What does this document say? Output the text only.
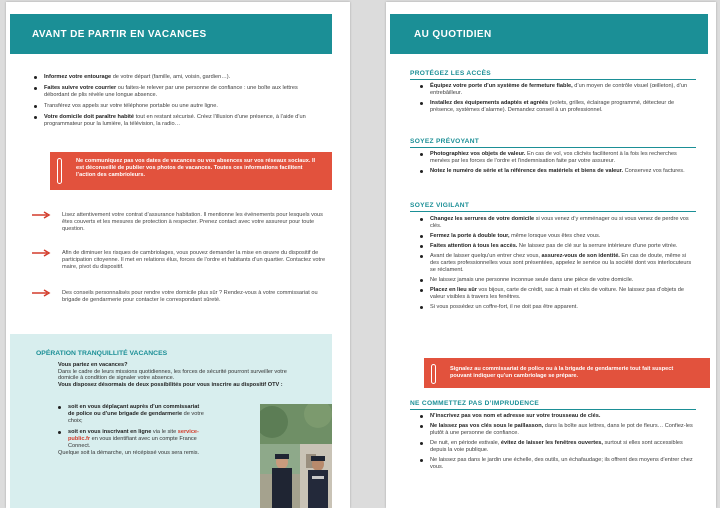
AVANT DE PARTIR EN VACANCES
Informez votre entourage de votre départ (famille, ami, voisin, gardien…).
Faites suivre votre courrier ou faites-le relever par une personne de confiance : une boîte aux lettres débordant de plis révèle une longue absence.
Transférez vos appels sur votre téléphone portable ou une autre ligne.
Votre domicile doit paraître habité tout en restant sécurisé. Créez l’illusion d’une présence, à l’aide d’un programmateur pour la lumière, la télévision, la radio…

Ne communiquez pas vos dates de vacances ou vos absences sur vos réseaux sociaux. Il est déconseillé de publier vos photos de vacances. Toutes ces informations facilitent l’action des cambrioleurs.

Lisez attentivement votre contrat d’assurance habitation. Il mentionne les événements pour lesquels vous êtes couverts et les mesures de protection à respecter. Prenez contact avec votre assureur pour toute question.

Afin de diminuer les risques de cambriolages, vous pouvez demander la mise en œuvre du dispositif de participation citoyenne. Il met en relations élus, forces de l’ordre et habitants d’un quartier. Contactez votre maire, pivot du dispositif.

Des conseils personnalisés pour rendre votre domicile plus sûr ? Rendez-vous à votre commissariat ou brigade de gendarmerie pour contacter le correspondant sûreté.

OPÉRATION TRANQUILLITÉ VACANCES
Vous partez en vacances?
Dans le cadre de leurs missions quotidiennes, les forces de sécurité pourront surveiller votre domicile à condition de signaler votre absence.
Vous disposez désormais de deux possibilités pour vous inscrire au dispositif OTV :
soit en vous déplaçant auprès d’un commissariat de police ou d’une brigade de gendarmerie de votre choix;
soit en vous inscrivant en ligne via le site service-public.fr en vous identifiant avec un compte France Connect.
Quelque soit la démarche, un récépissé vous sera remis.
AU QUOTIDIEN
PROTÉGEZ LES ACCÈS
Équipez votre porte d’un système de fermeture fiable, d’un moyen de contrôle visuel (œilleton), d’un entrebâilleur.
Installez des équipements adaptés et agréés (volets, grilles, éclairage programmé, détecteur de présence, systèmes d’alarme). Demandez conseil à un professionnel.
SOYEZ PRÉVOYANT
Photographiez vos objets de valeur. En cas de vol, vos clichés faciliteront à la fois les recherches menées par les forces de l’ordre et l’indemnisation faite par votre assureur.
Notez le numéro de série et la référence des matériels et biens de valeur. Conservez vos factures.
SOYEZ VIGILANT
Changez les serrures de votre domicile si vous venez d’y emménager ou si vous venez de perdre vos clés.
Fermez la porte à double tour, même lorsque vous êtes chez vous.
Faites attention à tous les accès. Ne laissez pas de clé sur la serrure intérieure d’une porte vitrée.
Avant de laisser quelqu’un entrer chez vous, assurez-vous de son identité. En cas de doute, même si des cartes professionnelles vous sont présentées, appelez le service ou la société dont vos interlocuteurs se réclament.
Ne laissez jamais une personne inconnue seule dans une pièce de votre domicile.
Placez en lieu sûr vos bijoux, carte de crédit, sac à main et clés de voiture. Ne laissez pas d’objets de valeur visibles à travers les fenêtres.
Si vous possédez un coffre-fort, il ne doit pas être apparent.

Signalez au commissariat de police ou à la brigade de gendarmerie tout fait suspect pouvant indiquer qu’un cambriolage se prépare.

NE COMMETTEZ PAS D’IMPRUDENCE
N’inscrivez pas vos nom et adresse sur votre trousseau de clés.
Ne laissez pas vos clés sous le paillasson, dans la boîte aux lettres, dans le pot de fleurs… Confiez-les plutôt à une personne de confiance.
De nuit, en période estivale, évitez de laisser les fenêtres ouvertes, surtout si elles sont accessibles depuis la voie publique.
Ne laissez pas dans le jardin une échelle, des outils, un échafaudage; ils offrent des moyens d’entrer chez vous.
